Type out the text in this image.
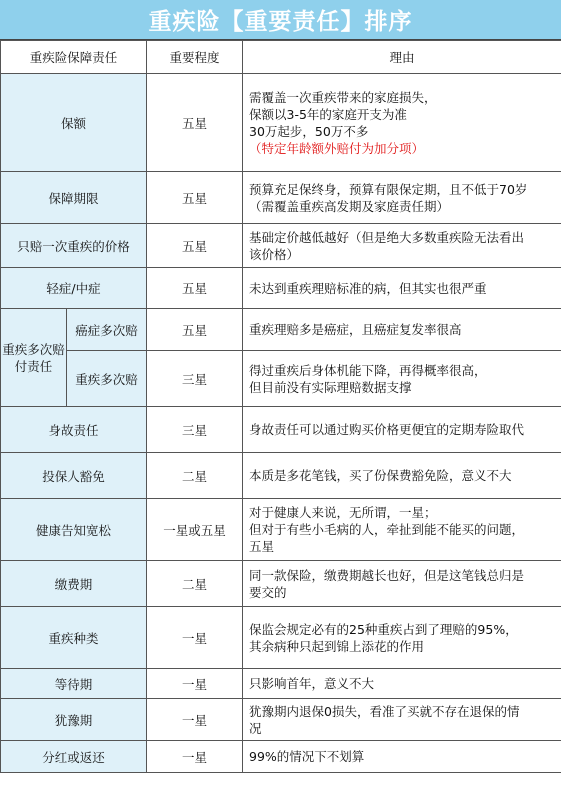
重疾险【重要责任】排序
重疾险保障责任		重要程度	理由
保额		五星	需覆盖一次重疾带来的家庭损失，
保额以3-5年的家庭开支为准
30万起步，50万不多
（特定年龄额外赔付为加分项）

保障期限		五星	预算充足保终身，预算有限保定期，且不低于70岁
（需覆盖重疾高发期及家庭责任期）

只赔一次重疾的价格		五星	基础定价越低越好（但是绝大多数重疾险无法看出
该价格）

轻症/中症		五星	未达到重疾理赔标准的病，但其实也很严重

重疾多次赔付责任	癌症多次赔	五星	重疾理赔多是癌症，且癌症复发率很高

	重疾多次赔	三星	得过重疾后身体机能下降，再得概率很高，
但目前没有实际理赔数据支撑

身故责任		三星	身故责任可以通过购买价格更便宜的定期寿险取代

投保人豁免		二星	本质是多花笔钱，买了份保费豁免险，意义不大

健康告知宽松		一星或五星	对于健康人来说，无所谓，一星；
但对于有些小毛病的人，牵扯到能不能买的问题，
五星

缴费期		二星	同一款保险，缴费期越长也好，但是这笔钱总归是
要交的

重疾种类		一星	保监会规定必有的25种重疾占到了理赔的95%，
其余病种只起到锦上添花的作用

等待期		一星	只影响首年，意义不大

犹豫期		一星	犹豫期内退保0损失，看准了买就不存在退保的情
况

分红或返还		一星	99%的情况下不划算
